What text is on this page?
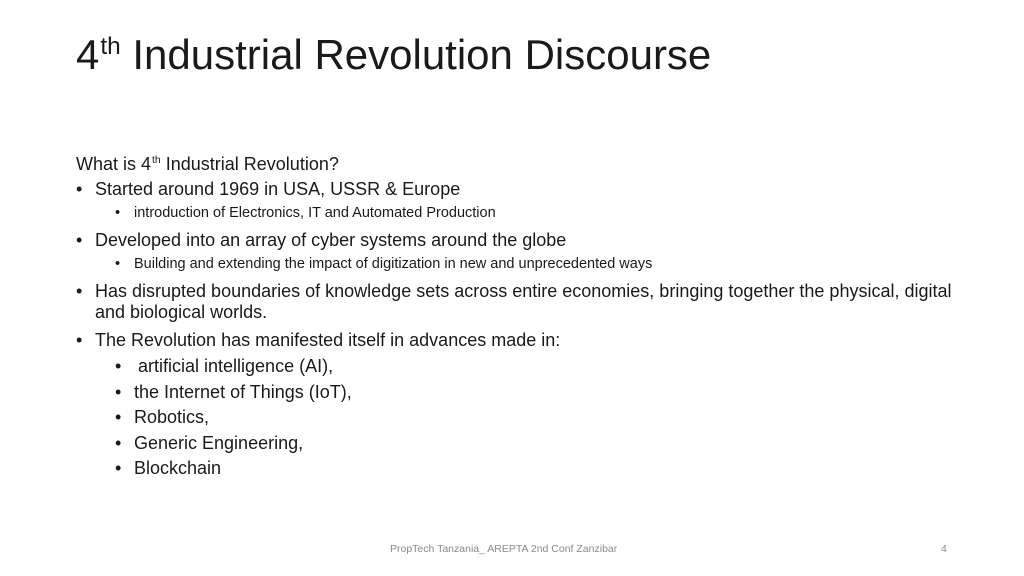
4th Industrial Revolution Discourse

What is 4th Industrial Revolution?

• Started around 1969 in USA, USSR & Europe
• introduction of Electronics, IT and Automated Production
• Developed into an array of cyber systems around the globe
• Building and extending the impact of digitization in new and unprecedented ways
• Has disrupted boundaries of knowledge sets across entire economies, bringing together the physical, digital and biological worlds.
• The Revolution has manifested itself in advances made in:
• artificial intelligence (AI),
• the Internet of Things (IoT),
• Robotics,
• Generic Engineering,
• Blockchain
PropTech Tanzania_ AREPTA 2nd Conf Zanzibar	4
